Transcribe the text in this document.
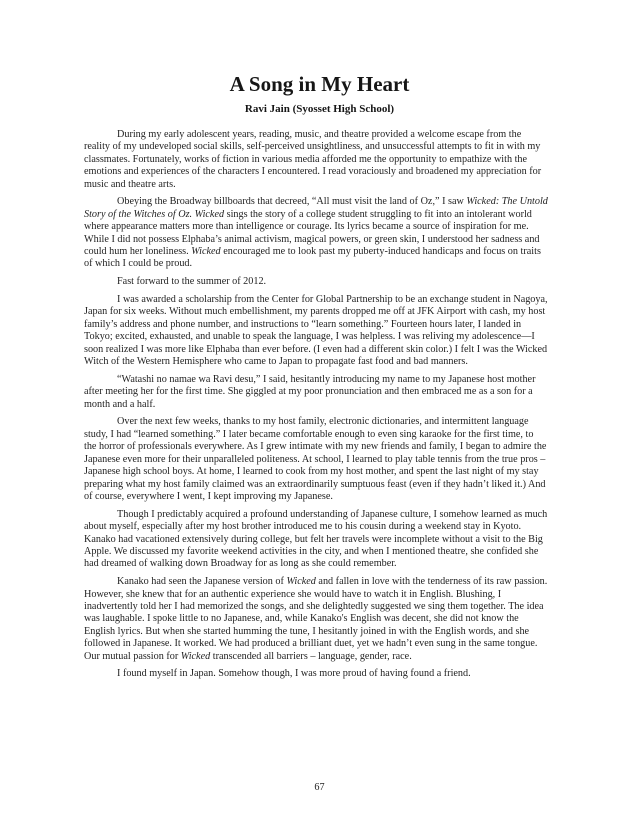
A Song in My Heart
Ravi Jain (Syosset High School)

During my early adolescent years, reading, music, and theatre provided a welcome escape from the reality of my undeveloped social skills, self-perceived unsightliness, and unsuccessful attempts to fit in with my classmates. Fortunately, works of fiction in various media afforded me the opportunity to empathize with the emotions and experiences of the characters I encountered. I read voraciously and broadened my appreciation for music and theatre arts.

Obeying the Broadway billboards that decreed, “All must visit the land of Oz,” I saw Wicked: The Untold Story of the Witches of Oz. Wicked sings the story of a college student struggling to fit into an intolerant world where appearance matters more than intelligence or courage. Its lyrics became a source of inspiration for me. While I did not possess Elphaba’s animal activism, magical powers, or green skin, I understood her sadness and could hum her loneliness. Wicked encouraged me to look past my puberty-induced handicaps and focus on traits of which I could be proud.

Fast forward to the summer of 2012.

I was awarded a scholarship from the Center for Global Partnership to be an exchange student in Nagoya, Japan for six weeks. Without much embellishment, my parents dropped me off at JFK Airport with cash, my host family’s address and phone number, and instructions to “learn something.” Fourteen hours later, I landed in Tokyo; excited, exhausted, and unable to speak the language, I was helpless. I was reliving my adolescence—I soon realized I was more like Elphaba than ever before. (I even had a different skin color.) I felt I was the Wicked Witch of the Western Hemisphere who came to Japan to propagate fast food and bad manners.

“Watashi no namae wa Ravi desu,” I said, hesitantly introducing my name to my Japanese host mother after meeting her for the first time. She giggled at my poor pronunciation and then embraced me as a son for a month and a half.

Over the next few weeks, thanks to my host family, electronic dictionaries, and intermittent language study, I had “learned something.” I later became comfortable enough to even sing karaoke for the first time, to the horror of professionals everywhere. As I grew intimate with my new friends and family, I began to admire the Japanese even more for their unparalleled politeness. At school, I learned to play table tennis from the true pros – Japanese high school boys. At home, I learned to cook from my host mother, and spent the last night of my stay preparing what my host family claimed was an extraordinarily sumptuous feast (even if they hadn’t liked it.) And of course, everywhere I went, I kept improving my Japanese.

Though I predictably acquired a profound understanding of Japanese culture, I somehow learned as much about myself, especially after my host brother introduced me to his cousin during a weekend stay in Kyoto. Kanako had vacationed extensively during college, but felt her travels were incomplete without a visit to the Big Apple. We discussed my favorite weekend activities in the city, and when I mentioned theatre, she confided she had dreamed of walking down Broadway for as long as she could remember.

Kanako had seen the Japanese version of Wicked and fallen in love with the tenderness of its raw passion. However, she knew that for an authentic experience she would have to watch it in English. Blushing, I inadvertently told her I had memorized the songs, and she delightedly suggested we sing them together. The idea was laughable. I spoke little to no Japanese, and, while Kanako's English was decent, she did not know the English lyrics. But when she started humming the tune, I hesitantly joined in with the English words, and she followed in Japanese. It worked. We had produced a brilliant duet, yet we hadn’t even sung in the same tongue. Our mutual passion for Wicked transcended all barriers – language, gender, race.

I found myself in Japan. Somehow though, I was more proud of having found a friend.

67
